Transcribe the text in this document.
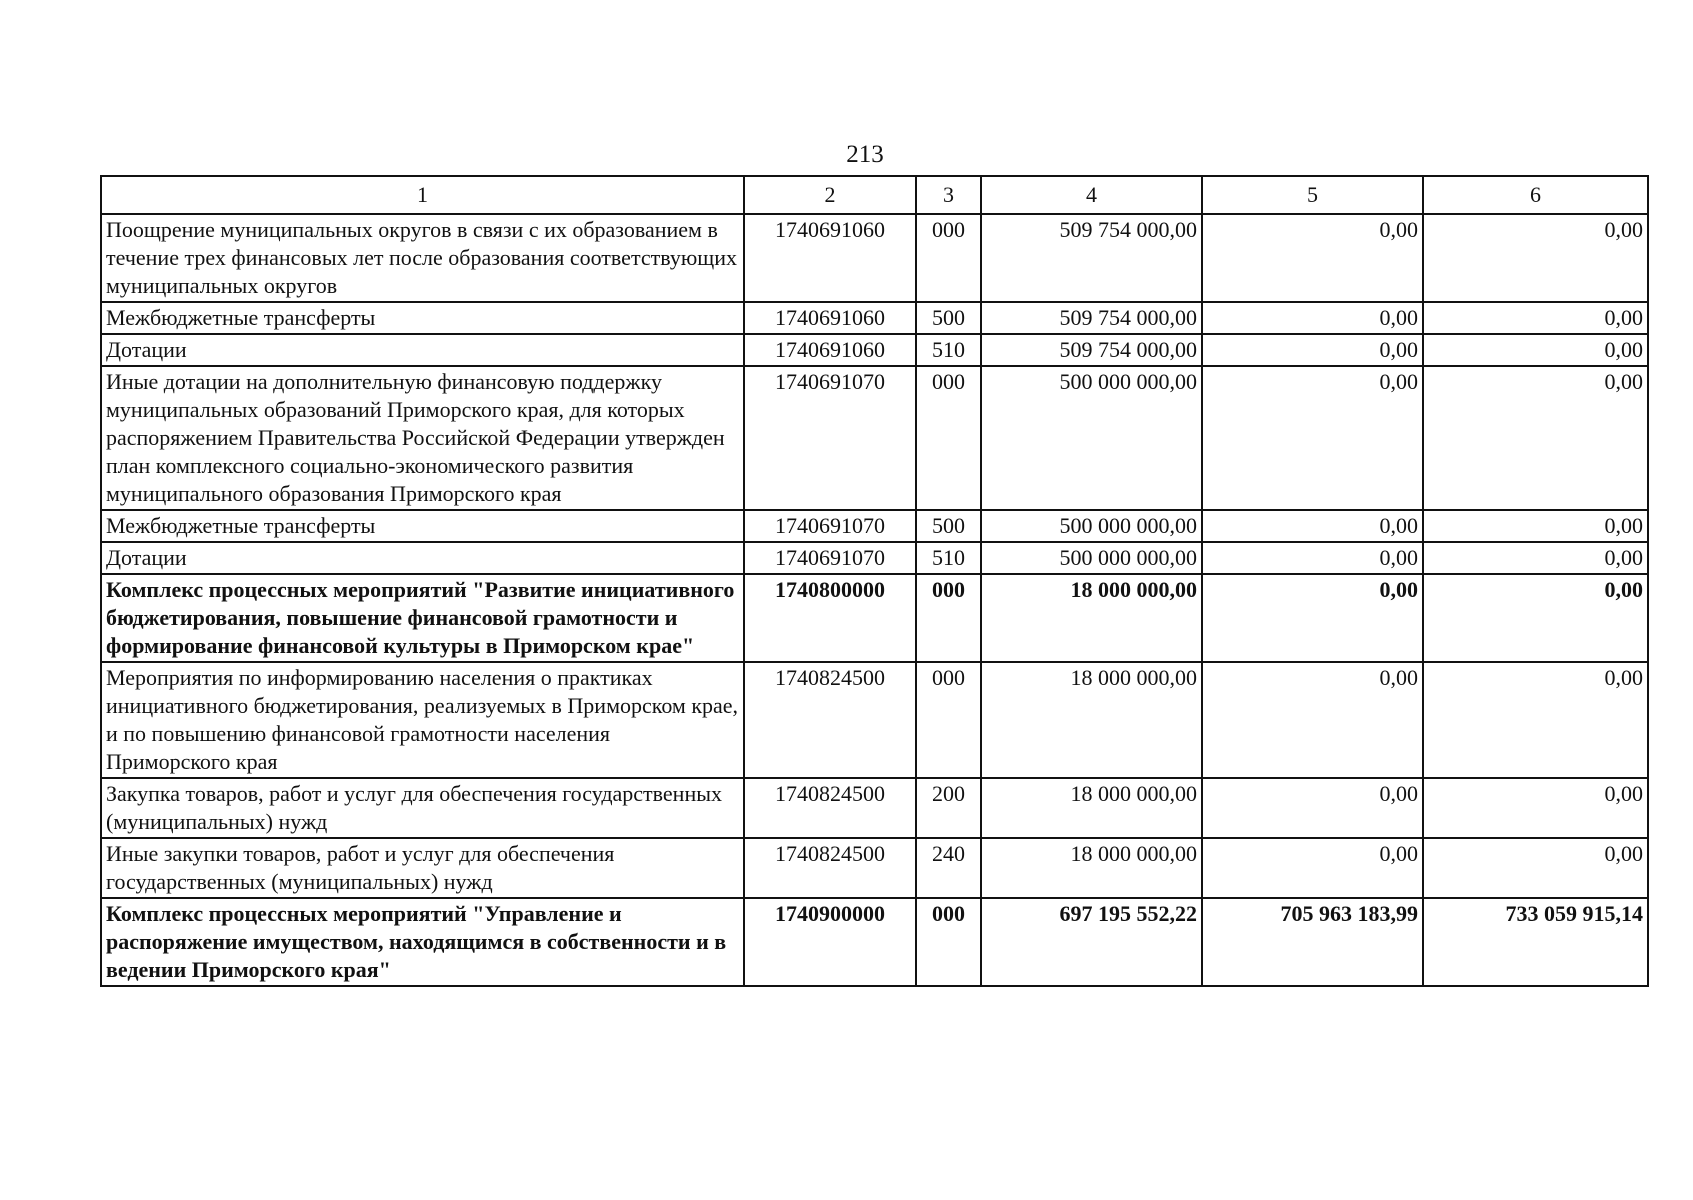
213
1	2	3	4	5	6
Поощрение муниципальных округов в связи с их образованием в течение трех финансовых лет после образования соответствующих муниципальных округов	1740691060	000	509 754 000,00	0,00	0,00
Межбюджетные трансферты	1740691060	500	509 754 000,00	0,00	0,00
Дотации	1740691060	510	509 754 000,00	0,00	0,00
Иные дотации на дополнительную финансовую поддержку муниципальных образований Приморского края, для которых распоряжением Правительства Российской Федерации утвержден план комплексного социально-экономического развития муниципального образования Приморского края	1740691070	000	500 000 000,00	0,00	0,00
Межбюджетные трансферты	1740691070	500	500 000 000,00	0,00	0,00
Дотации	1740691070	510	500 000 000,00	0,00	0,00
Комплекс процессных мероприятий "Развитие инициативного бюджетирования, повышение финансовой грамотности и формирование финансовой культуры в Приморском крае"	1740800000	000	18 000 000,00	0,00	0,00
Мероприятия по информированию населения о практиках инициативного бюджетирования, реализуемых в Приморском крае, и по повышению финансовой грамотности населения Приморского края	1740824500	000	18 000 000,00	0,00	0,00
Закупка товаров, работ и услуг для обеспечения государственных (муниципальных) нужд	1740824500	200	18 000 000,00	0,00	0,00
Иные закупки товаров, работ и услуг для обеспечения государственных (муниципальных) нужд	1740824500	240	18 000 000,00	0,00	0,00
Комплекс процессных мероприятий "Управление и распоряжение имуществом, находящимся в собственности и в ведении Приморского края"	1740900000	000	697 195 552,22	705 963 183,99	733 059 915,14
